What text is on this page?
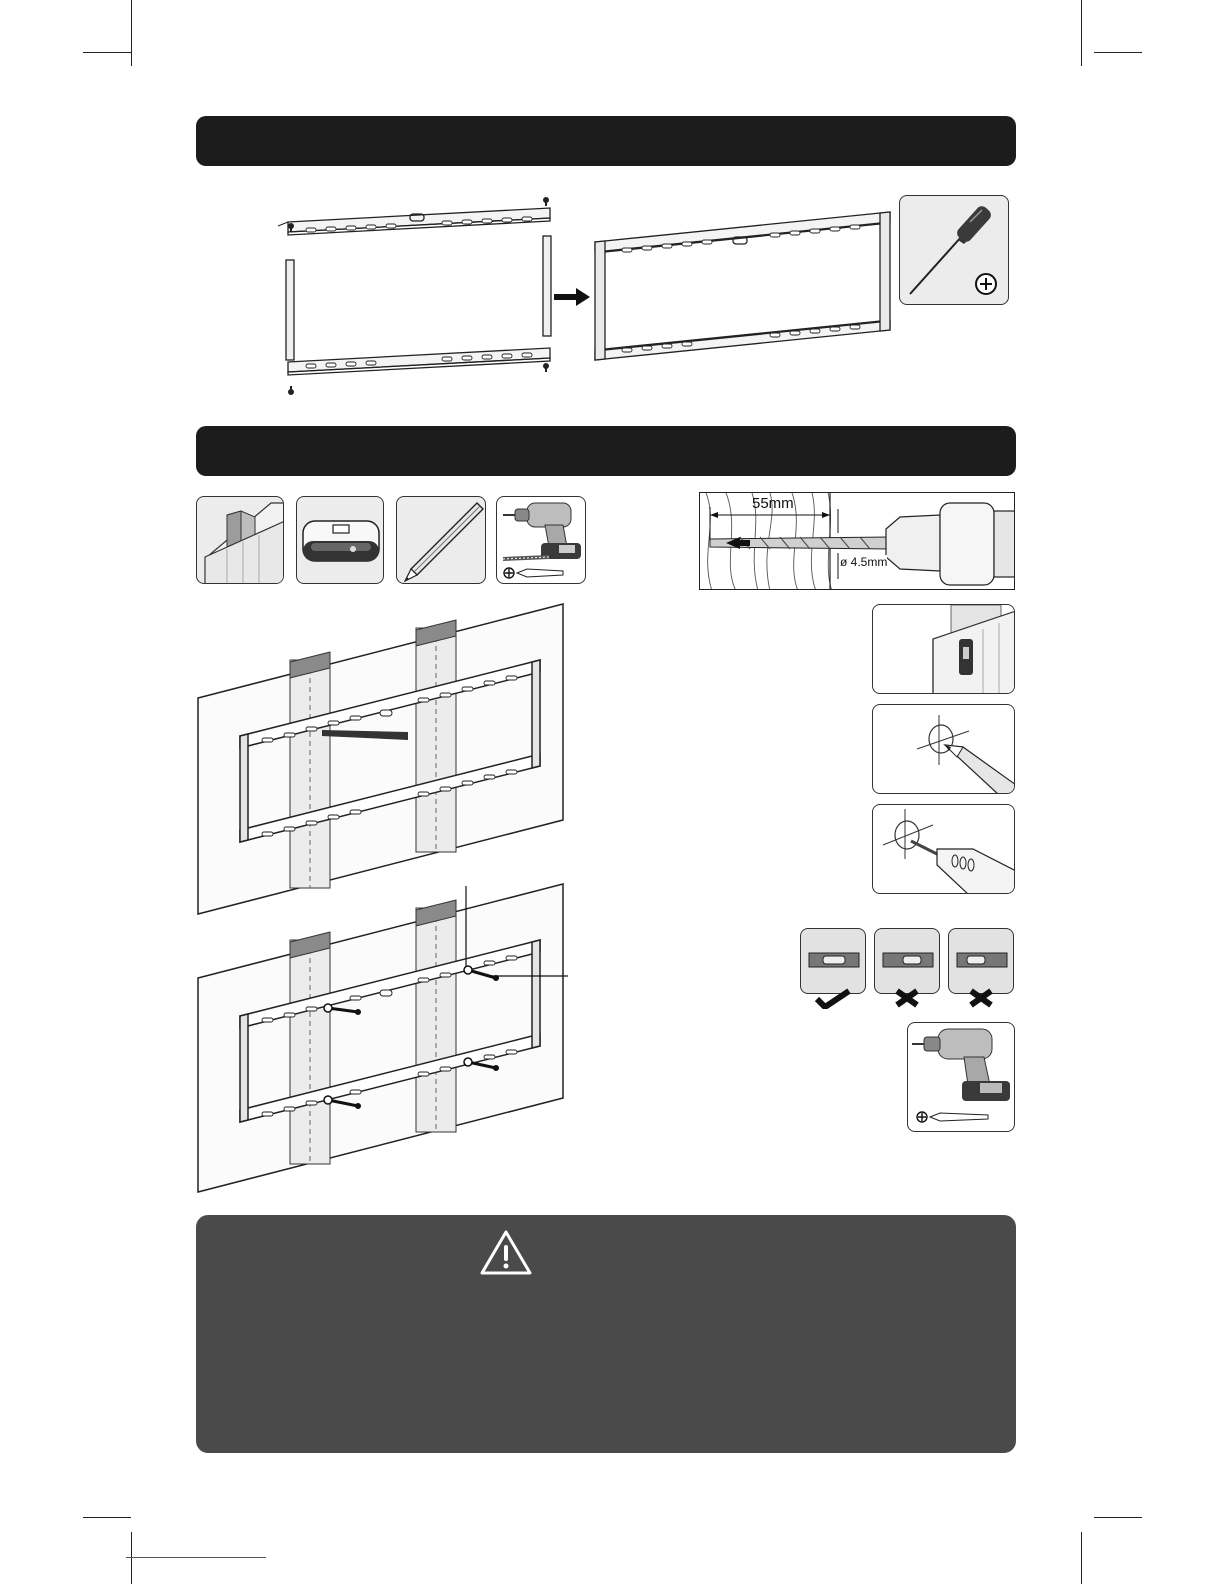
55mm
ø 4.5mm
